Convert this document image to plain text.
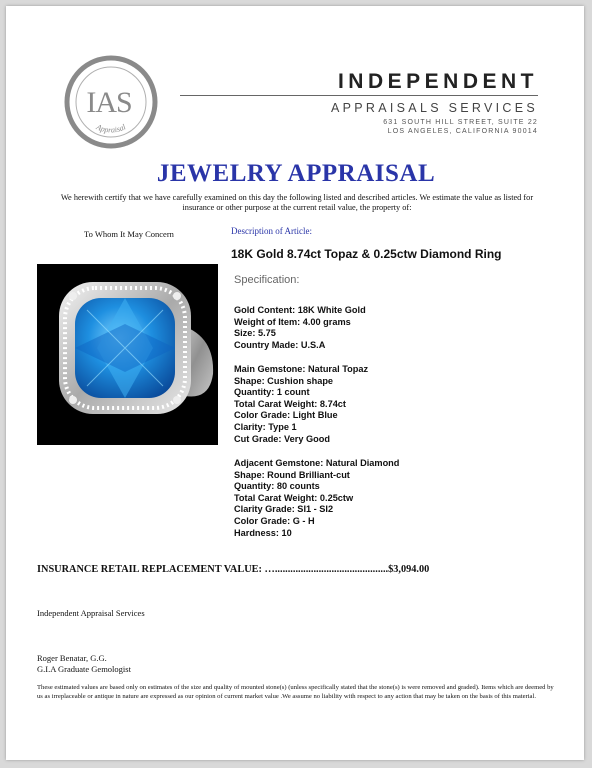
IAS
Appraisal
INDEPENDENT
APPRAISALS SERVICES
631 SOUTH HILL STREET, SUITE 22
LOS ANGELES, CALIFORNIA 90014
JEWELRY APPRAISAL
We herewith certify that we have carefully examined on this day the following listed and described articles. We estimate the value as listed for insurance or other purpose at the current retail value, the property of:
To Whom It May Concern	Description of Article:
18K Gold 8.74ct Topaz & 0.25ctw Diamond Ring
Specification:
Gold Content: 18K White Gold
Weight of Item: 4.00 grams
Size: 5.75
Country Made: U.S.A
Main Gemstone: Natural Topaz
Shape: Cushion shape
Quantity: 1 count
Total Carat Weight: 8.74ct
Color Grade: Light Blue
Clarity: Type 1
Cut Grade: Very Good
Adjacent Gemstone: Natural Diamond
Shape: Round Brilliant-cut
Quantity: 80 counts
Total Carat Weight: 0.25ctw
Clarity Grade: SI1 - SI2
Color Grade: G - H
Hardness: 10
INSURANCE RETAIL REPLACEMENT VALUE: …............................................$3,094.00
Independent Appraisal Services
Roger Benatar, G.G.
G.I.A Graduate Gemologist
These estimated values are based only on estimates of the size and quality of mounted stone(s) (unless specifically stated that the stone(s) is were removed and graded). Items which are deemed by us as irreplaceable or antique in nature are expressed as our opinion of current market value .We assume no liability with respect to any action that may be taken on the basis of this material.
